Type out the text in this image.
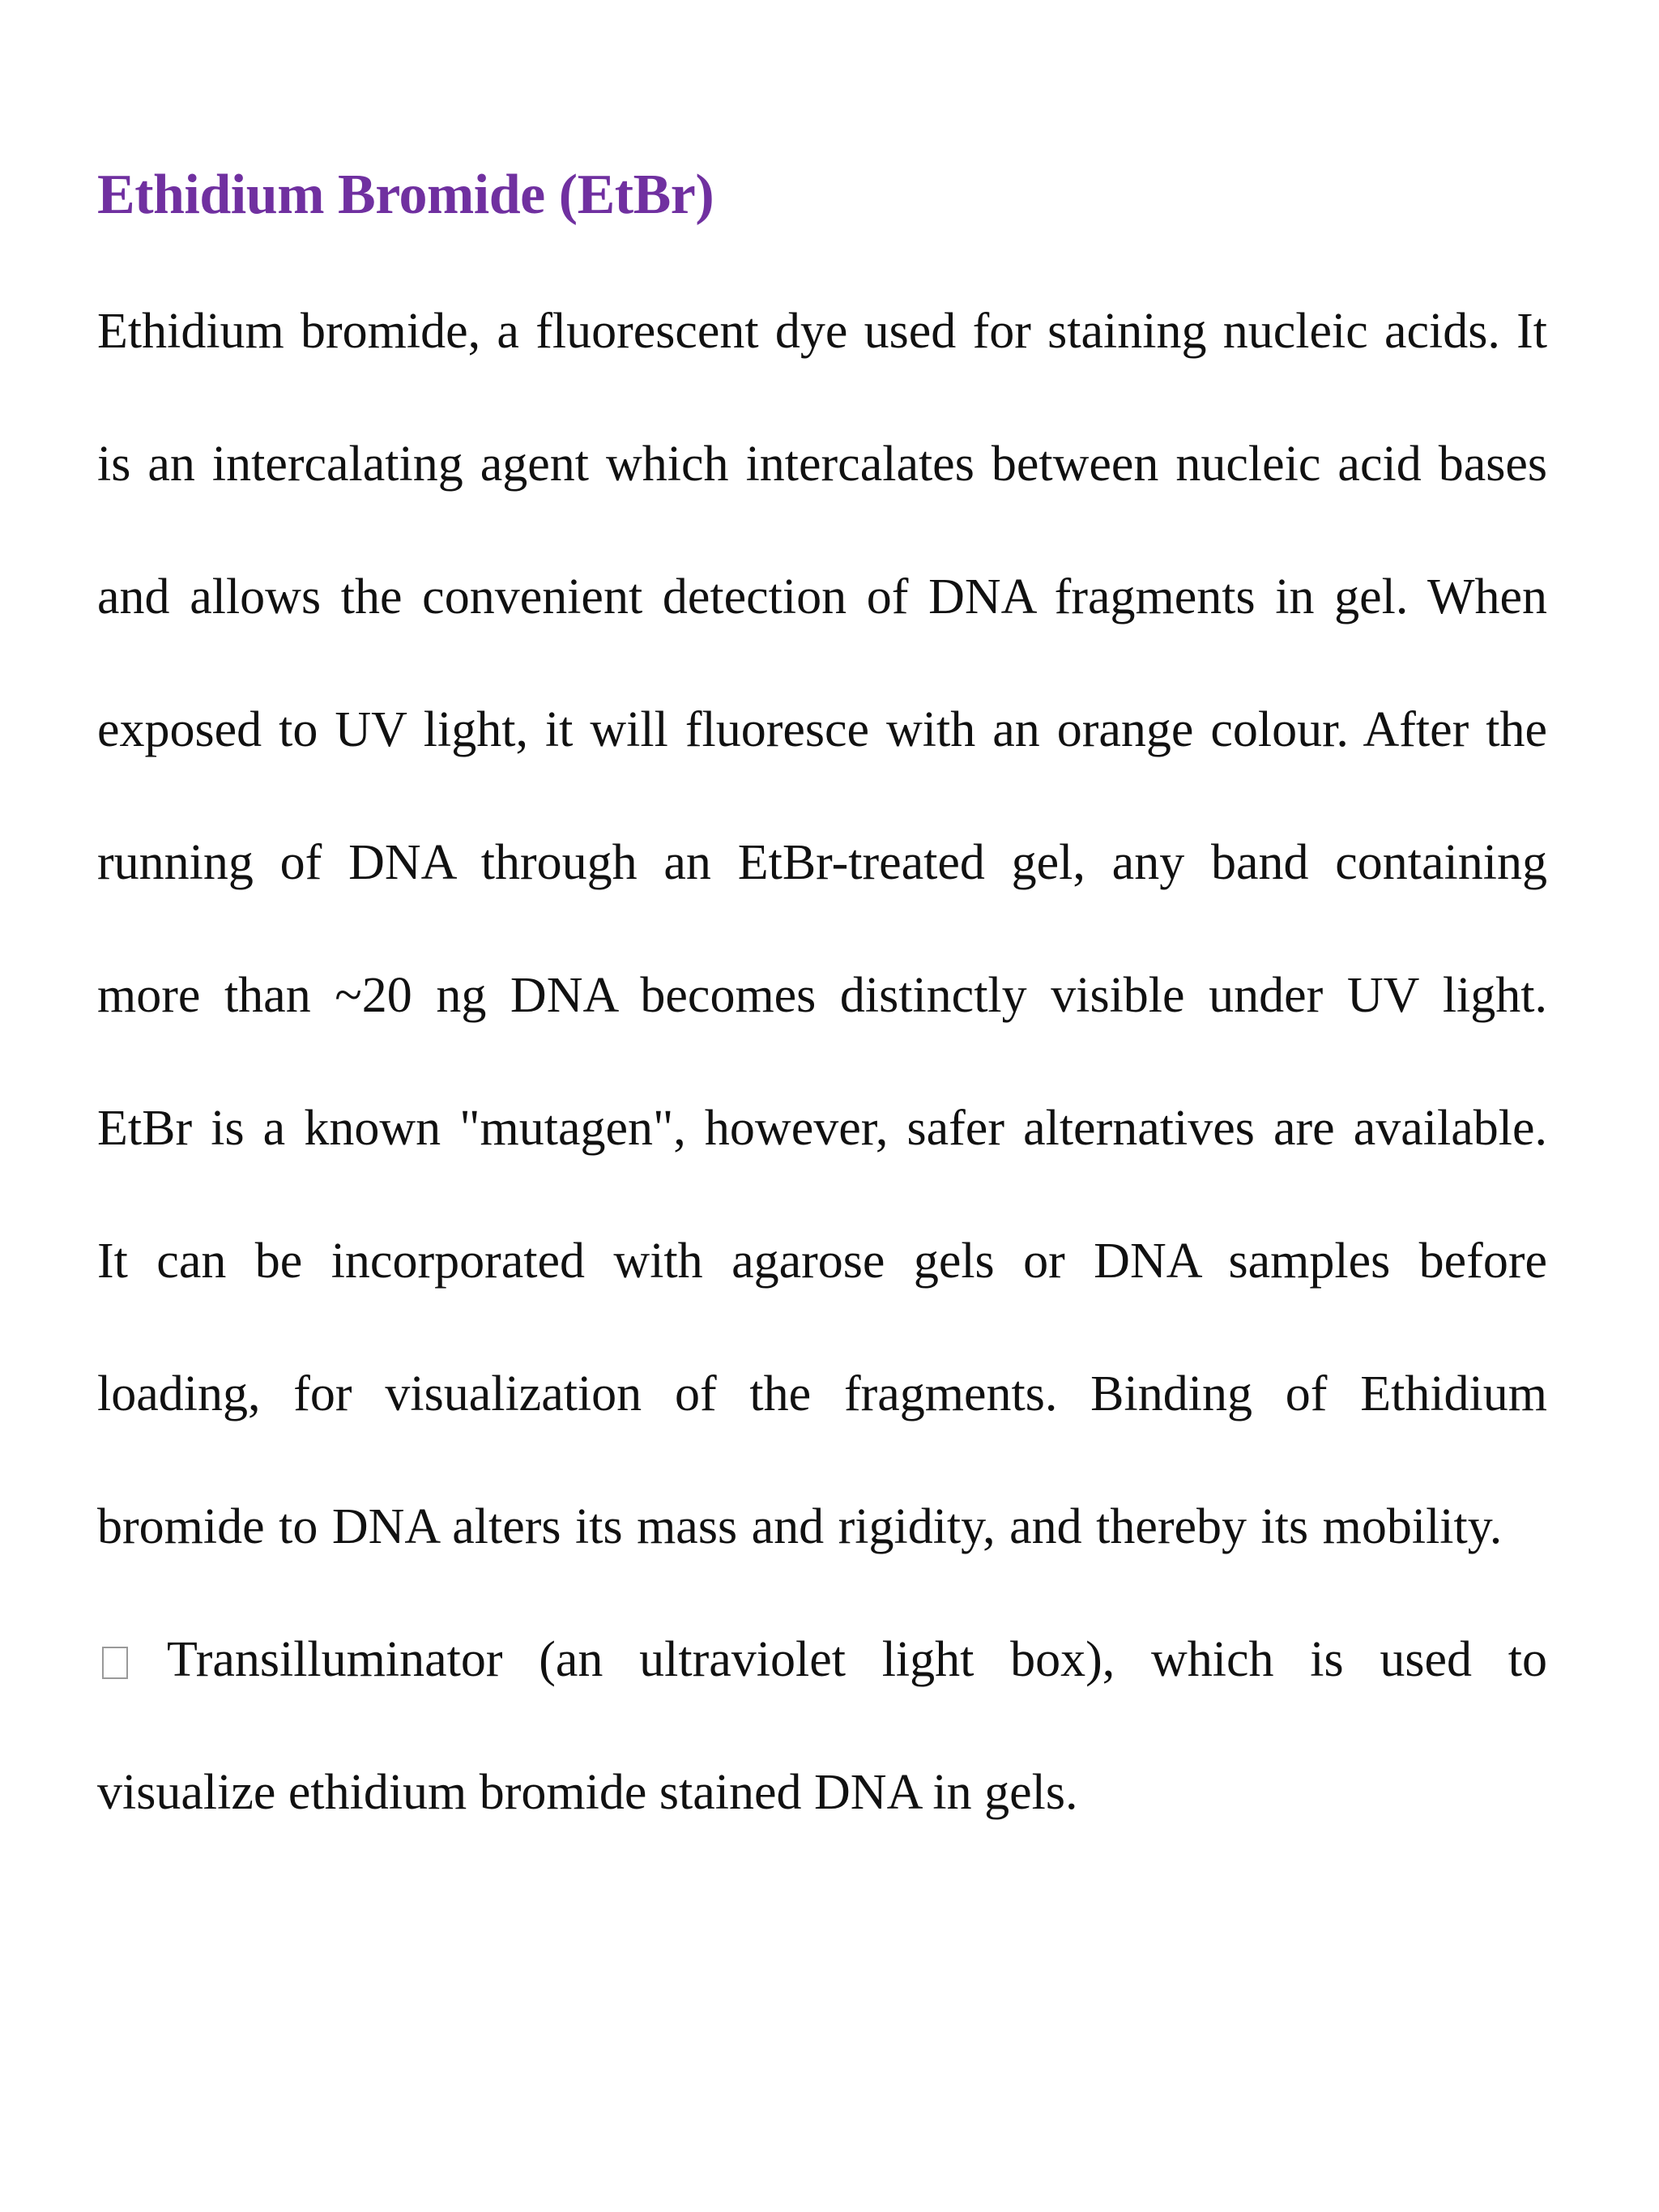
Ethidium Bromide (EtBr)

Ethidium bromide, a fluorescent dye used for staining nucleic acids. It is an intercalating agent which intercalates between nucleic acid bases and allows the convenient detection of DNA fragments in gel. When exposed to UV light, it will fluoresce with an orange colour. After the running of DNA through an EtBr-treated gel, any band containing more than ~20 ng DNA becomes distinctly visible under UV light. EtBr is a known "mutagen", however, safer alternatives are available. It can be incorporated with agarose gels or DNA samples before loading, for visualization of the fragments. Binding of Ethidium bromide to DNA alters its mass and rigidity, and thereby its mobility.

Transilluminator (an ultraviolet light box), which is used to visualize ethidium bromide stained DNA in gels.
